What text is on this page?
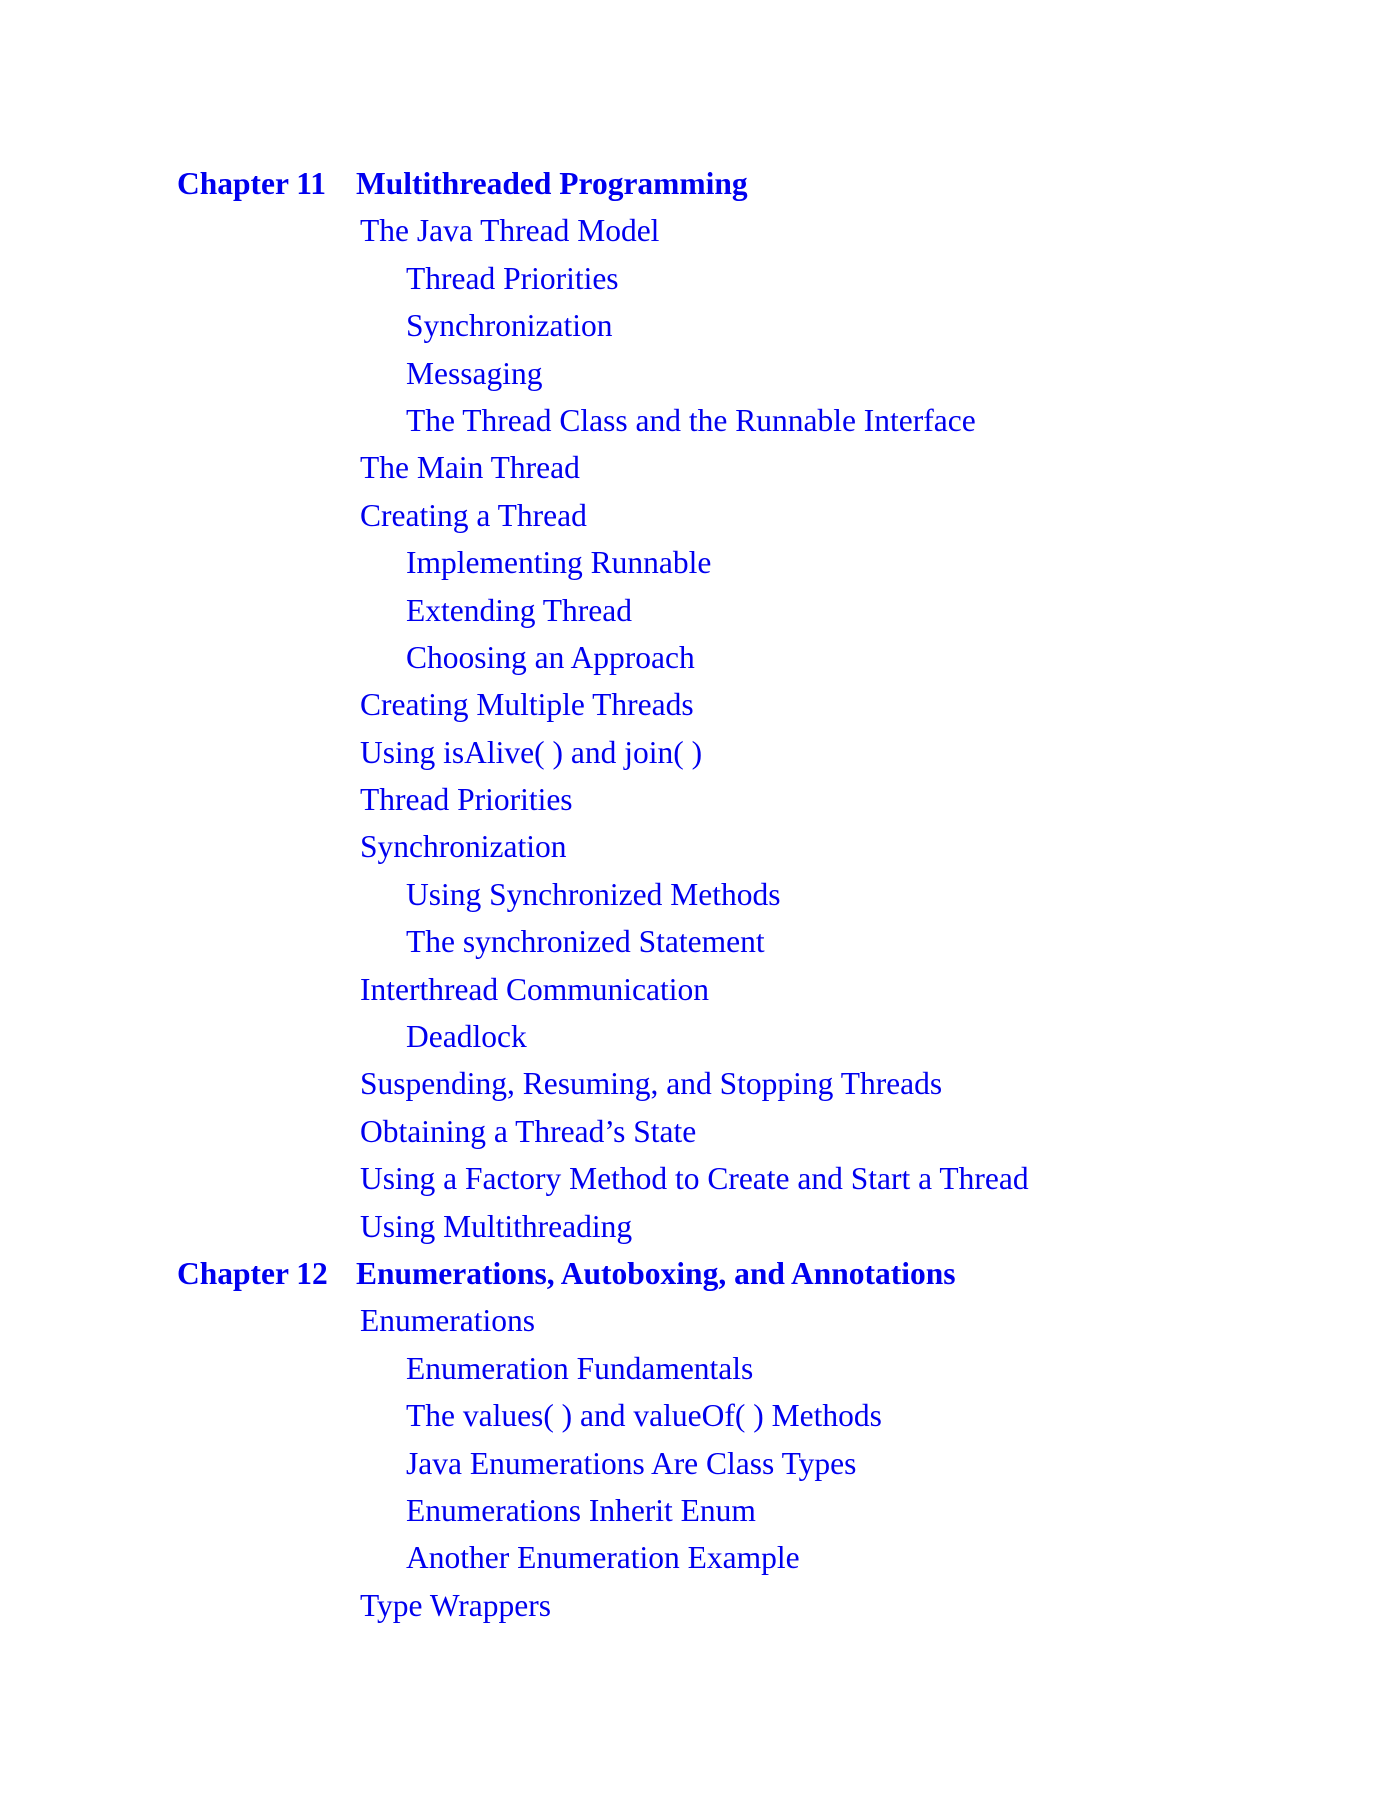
Chapter 11 Multithreaded Programming
The Java Thread Model
Thread Priorities
Synchronization
Messaging
The Thread Class and the Runnable Interface
The Main Thread
Creating a Thread
Implementing Runnable
Extending Thread
Choosing an Approach
Creating Multiple Threads
Using isAlive( ) and join( )
Thread Priorities
Synchronization
Using Synchronized Methods
The synchronized Statement
Interthread Communication
Deadlock
Suspending, Resuming, and Stopping Threads
Obtaining a Thread’s State
Using a Factory Method to Create and Start a Thread
Using Multithreading
Chapter 12 Enumerations, Autoboxing, and Annotations
Enumerations
Enumeration Fundamentals
The values( ) and valueOf( ) Methods
Java Enumerations Are Class Types
Enumerations Inherit Enum
Another Enumeration Example
Type Wrappers
